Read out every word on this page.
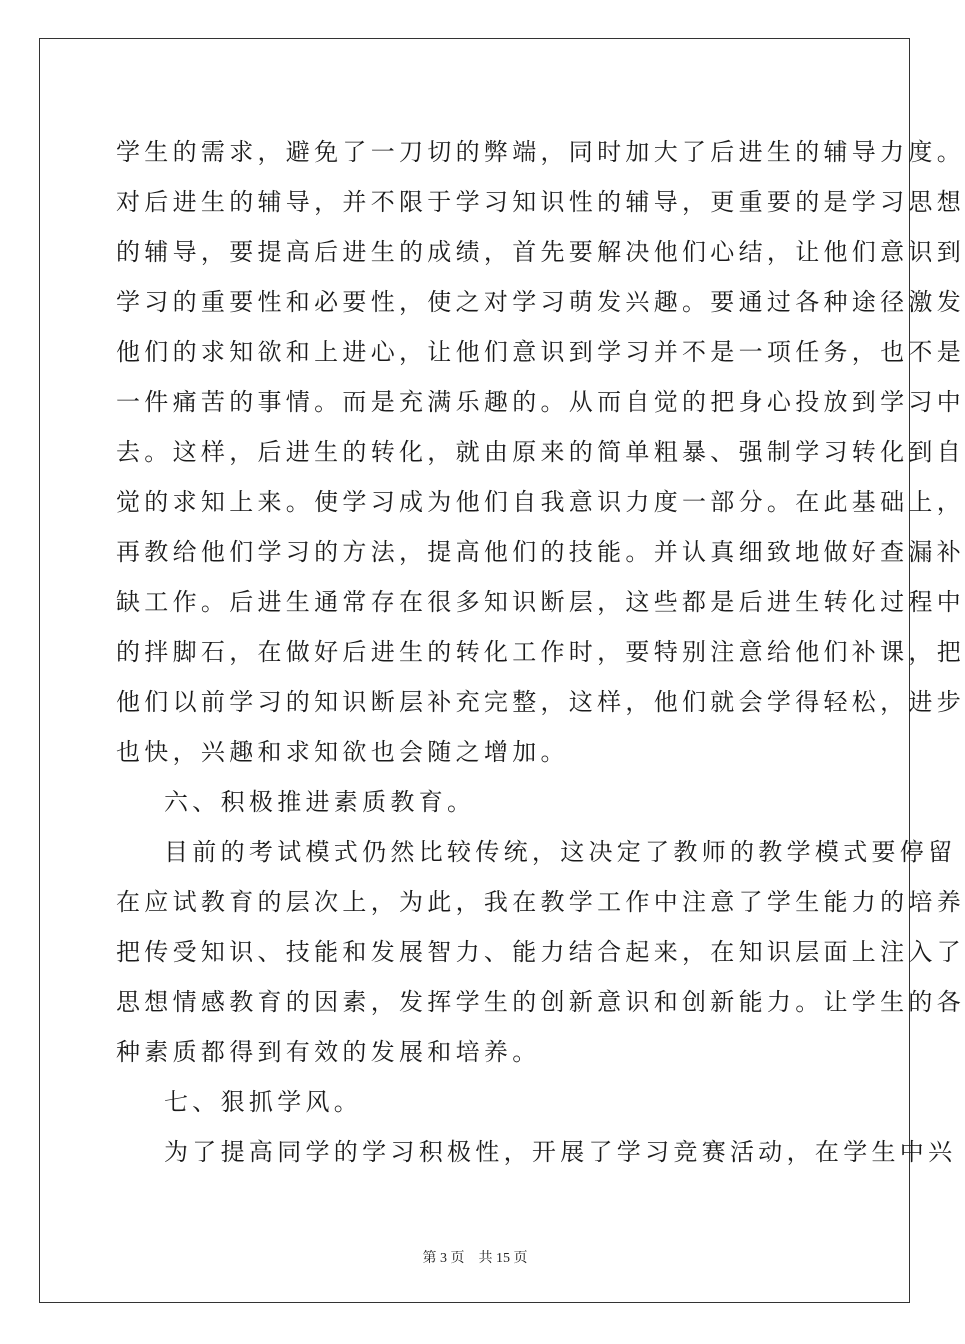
学生的需求，避免了一刀切的弊端，同时加大了后进生的辅导力度。
对后进生的辅导，并不限于学习知识性的辅导，更重要的是学习思想
的辅导，要提高后进生的成绩，首先要解决他们心结，让他们意识到
学习的重要性和必要性，使之对学习萌发兴趣。要通过各种途径激发
他们的求知欲和上进心，让他们意识到学习并不是一项任务，也不是
一件痛苦的事情。而是充满乐趣的。从而自觉的把身心投放到学习中
去。这样，后进生的转化，就由原来的简单粗暴、强制学习转化到自
觉的求知上来。使学习成为他们自我意识力度一部分。在此基础上，
再教给他们学习的方法，提高他们的技能。并认真细致地做好查漏补
缺工作。后进生通常存在很多知识断层，这些都是后进生转化过程中
的拌脚石，在做好后进生的转化工作时，要特别注意给他们补课，把
他们以前学习的知识断层补充完整，这样，他们就会学得轻松，进步
也快，兴趣和求知欲也会随之增加。
六、积极推进素质教育。
目前的考试模式仍然比较传统，这决定了教师的教学模式要停留
在应试教育的层次上，为此，我在教学工作中注意了学生能力的培养
把传受知识、技能和发展智力、能力结合起来，在知识层面上注入了
思想情感教育的因素，发挥学生的创新意识和创新能力。让学生的各
种素质都得到有效的发展和培养。
七、狠抓学风。
为了提高同学的学习积极性，开展了学习竞赛活动，在学生中兴
第 3 页 共 15 页
